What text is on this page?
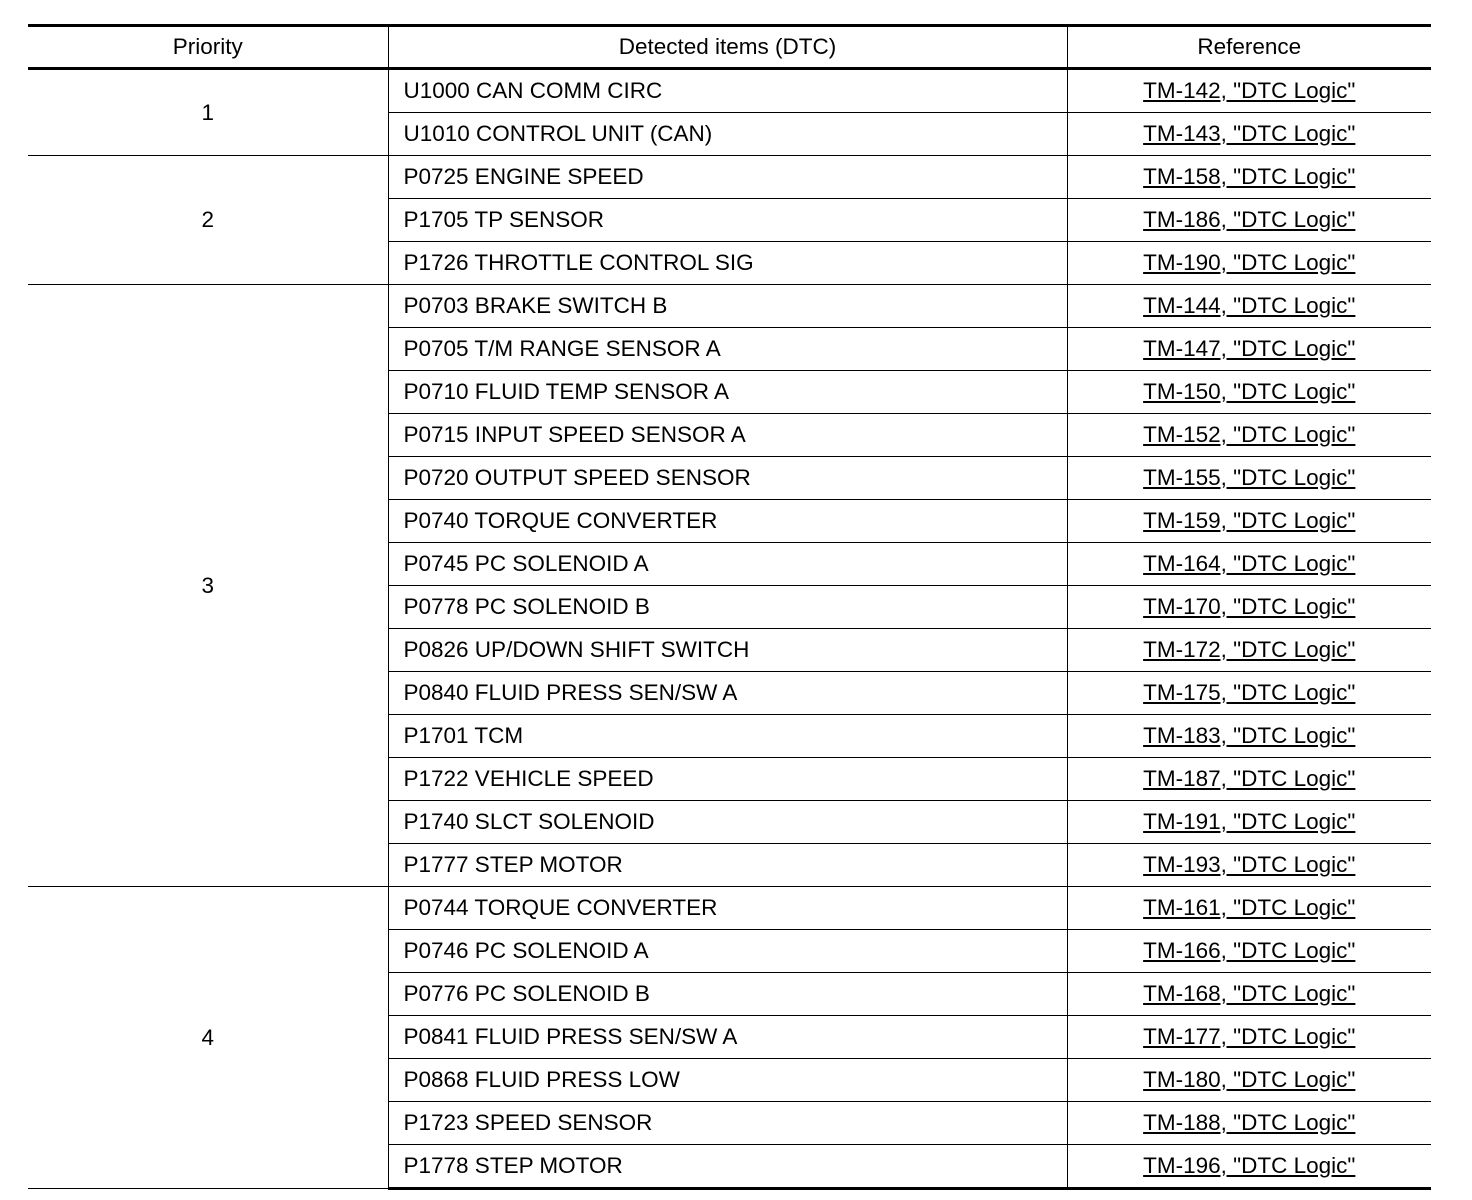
Priority	Detected items (DTC)	Reference
1	U1000 CAN COMM CIRC	TM-142, "DTC Logic"
	U1010 CONTROL UNIT (CAN)	TM-143, "DTC Logic"
2	P0725 ENGINE SPEED	TM-158, "DTC Logic"
	P1705 TP SENSOR	TM-186, "DTC Logic"
	P1726 THROTTLE CONTROL SIG	TM-190, "DTC Logic"
3	P0703 BRAKE SWITCH B	TM-144, "DTC Logic"
	P0705 T/M RANGE SENSOR A	TM-147, "DTC Logic"
	P0710 FLUID TEMP SENSOR A	TM-150, "DTC Logic"
	P0715 INPUT SPEED SENSOR A	TM-152, "DTC Logic"
	P0720 OUTPUT SPEED SENSOR	TM-155, "DTC Logic"
	P0740 TORQUE CONVERTER	TM-159, "DTC Logic"
	P0745 PC SOLENOID A	TM-164, "DTC Logic"
	P0778 PC SOLENOID B	TM-170, "DTC Logic"
	P0826 UP/DOWN SHIFT SWITCH	TM-172, "DTC Logic"
	P0840 FLUID PRESS SEN/SW A	TM-175, "DTC Logic"
	P1701 TCM	TM-183, "DTC Logic"
	P1722 VEHICLE SPEED	TM-187, "DTC Logic"
	P1740 SLCT SOLENOID	TM-191, "DTC Logic"
	P1777 STEP MOTOR	TM-193, "DTC Logic"
4	P0744 TORQUE CONVERTER	TM-161, "DTC Logic"
	P0746 PC SOLENOID A	TM-166, "DTC Logic"
	P0776 PC SOLENOID B	TM-168, "DTC Logic"
	P0841 FLUID PRESS SEN/SW A	TM-177, "DTC Logic"
	P0868 FLUID PRESS LOW	TM-180, "DTC Logic"
	P1723 SPEED SENSOR	TM-188, "DTC Logic"
	P1778 STEP MOTOR	TM-196, "DTC Logic"
